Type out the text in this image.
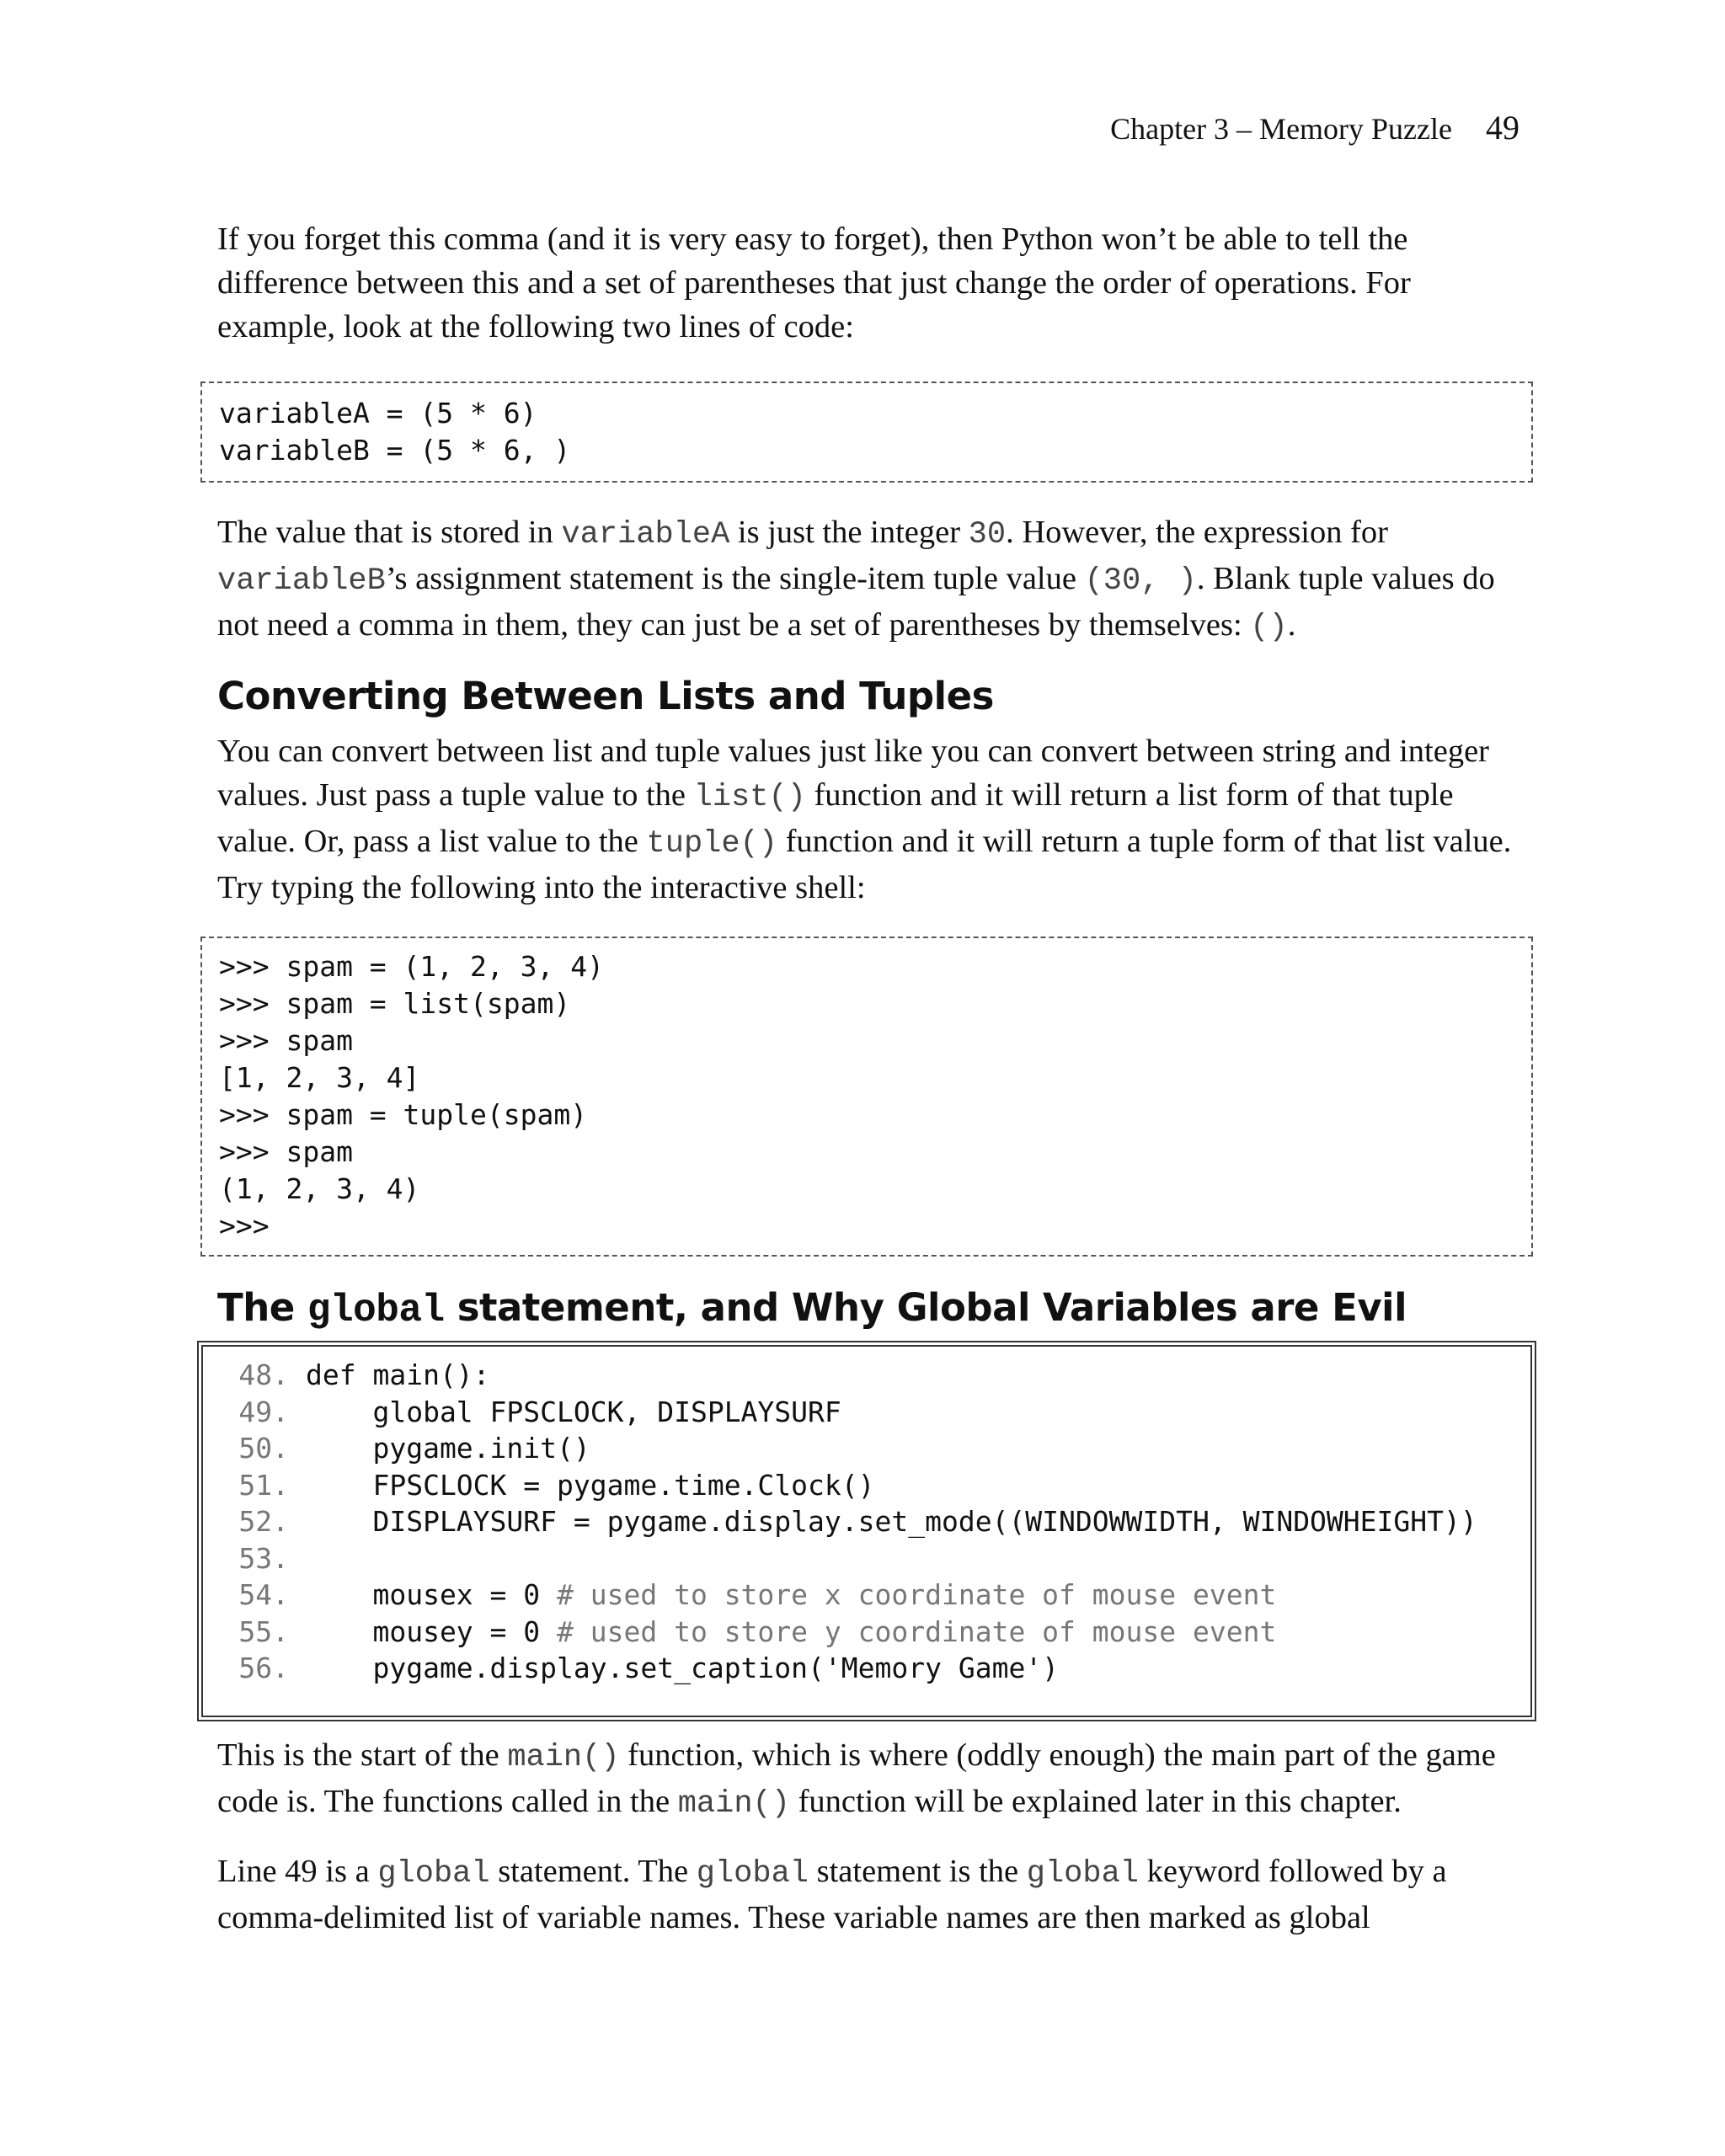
Chapter 3 – Memory Puzzle 49

If you forget this comma (and it is very easy to forget), then Python won’t be able to tell the difference between this and a set of parentheses that just change the order of operations. For example, look at the following two lines of code:

variableA = (5 * 6)
variableB = (5 * 6, )

The value that is stored in variableA is just the integer 30. However, the expression for variableB’s assignment statement is the single-item tuple value (30, ). Blank tuple values do not need a comma in them, they can just be a set of parentheses by themselves: ().

Converting Between Lists and Tuples

You can convert between list and tuple values just like you can convert between string and integer values. Just pass a tuple value to the list() function and it will return a list form of that tuple value. Or, pass a list value to the tuple() function and it will return a tuple form of that list value. Try typing the following into the interactive shell:

>>> spam = (1, 2, 3, 4)
>>> spam = list(spam)
>>> spam
[1, 2, 3, 4]
>>> spam = tuple(spam)
>>> spam
(1, 2, 3, 4)
>>>
The global statement, and Why Global Variables are Evil
48. def main():
49. global FPSCLOCK, DISPLAYSURF
50. pygame.init()
51. FPSCLOCK = pygame.time.Clock()
52. DISPLAYSURF = pygame.display.set_mode((WINDOWWIDTH, WINDOWHEIGHT))
53.
54. mousex = 0 # used to store x coordinate of mouse event
55. mousey = 0 # used to store y coordinate of mouse event
56. pygame.display.set_caption('Memory Game')

This is the start of the main() function, which is where (oddly enough) the main part of the game code is. The functions called in the main() function will be explained later in this chapter.

Line 49 is a global statement. The global statement is the global keyword followed by a comma-delimited list of variable names. These variable names are then marked as global
